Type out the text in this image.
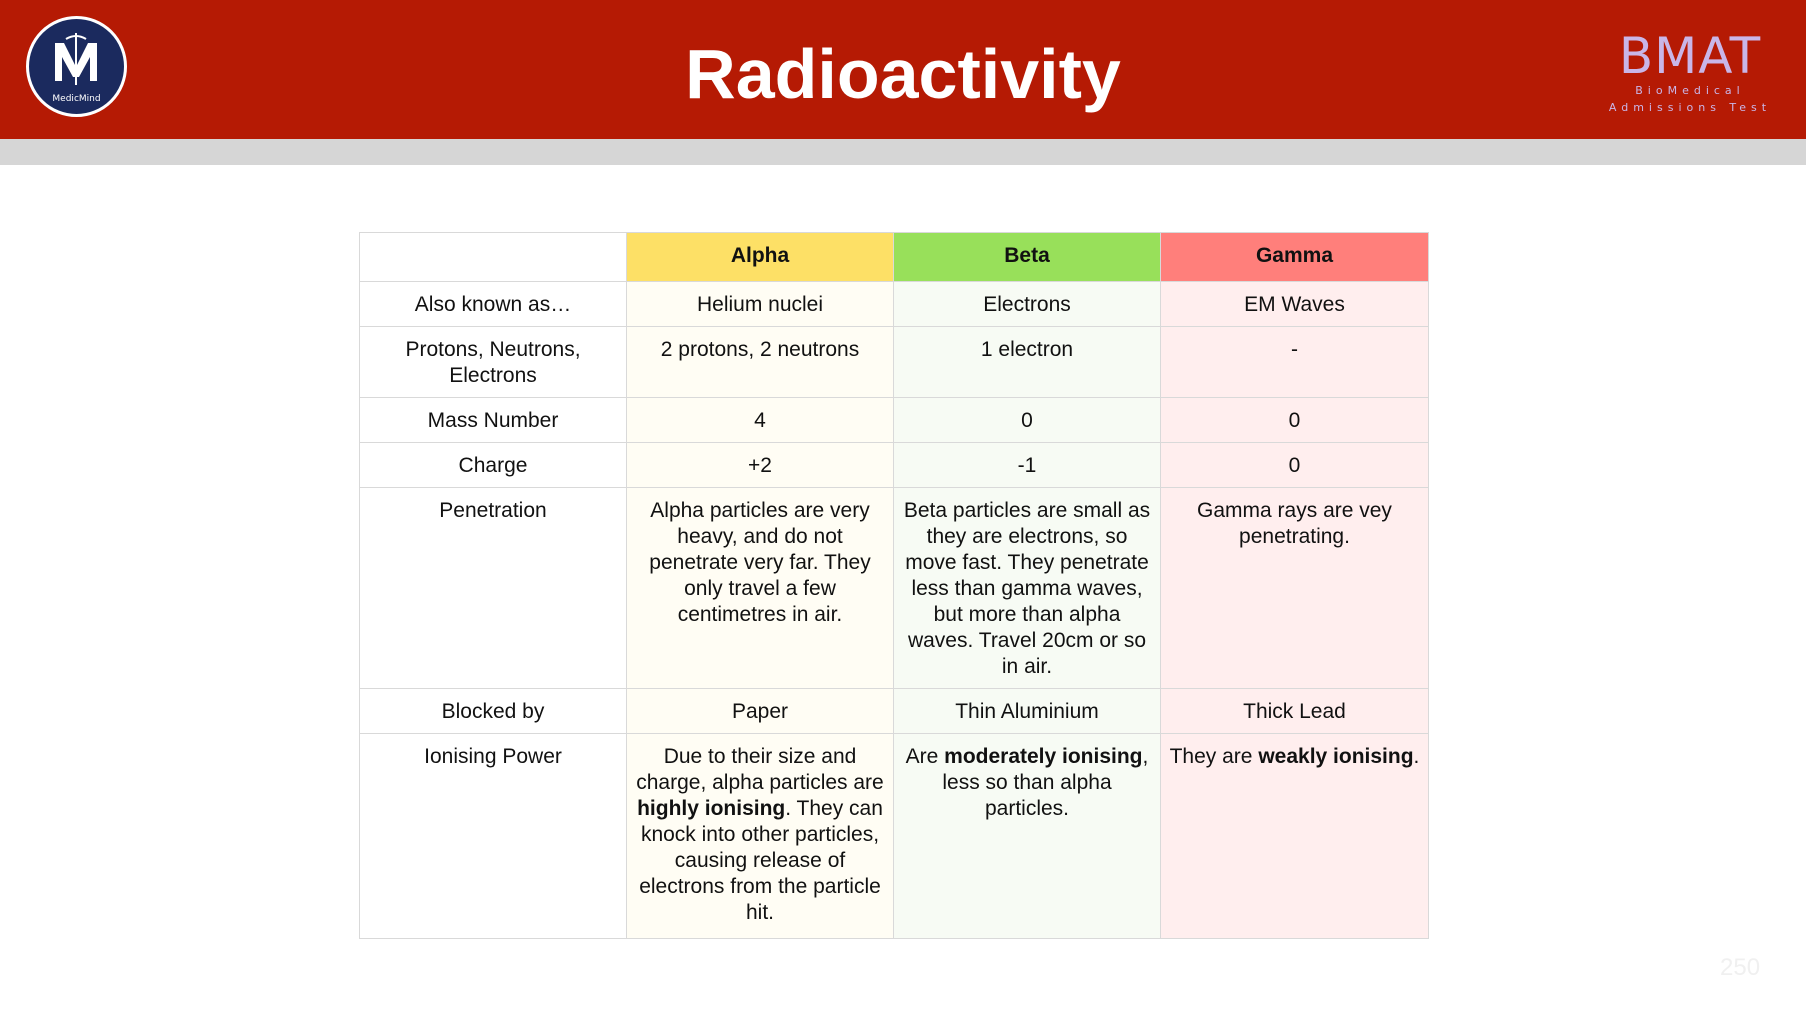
MedicMind	Radioactivity	BMAT
BioMedical
Admissions Test
	Alpha	Beta	Gamma
Also known as…	Helium nuclei	Electrons	EM Waves
Protons, Neutrons, Electrons	2 protons, 2 neutrons	1 electron	-
Mass Number	4	0	0
Charge	+2	-1	0
Penetration	Alpha particles are very heavy, and do not penetrate very far. They only travel a few centimetres in air.	Beta particles are small as they are electrons, so move fast. They penetrate less than gamma waves, but more than alpha waves. Travel 20cm or so in air.	Gamma rays are vey penetrating.
Blocked by	Paper	Thin Aluminium	Thick Lead
Ionising Power	Due to their size and charge, alpha particles are highly ionising. They can knock into other particles, causing release of electrons from the particle hit.	Are moderately ionising, less so than alpha particles.	They are weakly ionising.
250
